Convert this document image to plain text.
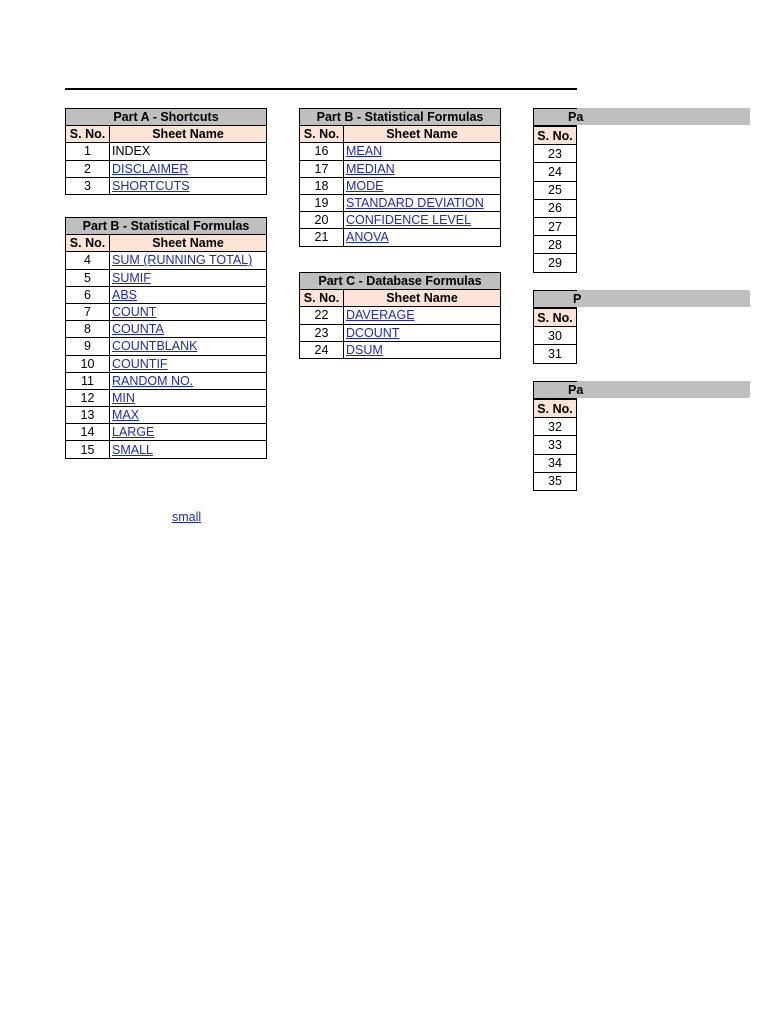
Part A - Shortcuts	
S. No.	Sheet Name
1	INDEX
2	DISCLAIMER
3	SHORTCUTS
Part B - Statistical Formulas	
S. No.	Sheet Name
4	SUM (RUNNING TOTAL)
5	SUMIF
6	ABS
7	COUNT
8	COUNTA
9	COUNTBLANK
10	COUNTIF
11	RANDOM NO.
12	MIN
13	MAX
14	LARGE
15	SMALL
Part B - Statistical Formulas	
S. No.	Sheet Name
16	MEAN
17	MEDIAN
18	MODE
19	STANDARD DEVIATION
20	CONFIDENCE LEVEL
21	ANOVA
Part C - Database Formulas	
S. No.	Sheet Name
22	DAVERAGE
23	DCOUNT
24	DSUM
Pa
S. No.
23
24
25
26
27
28
29
P
S. No.
30
31
Pa
S. No.
32
33
34
35
small
